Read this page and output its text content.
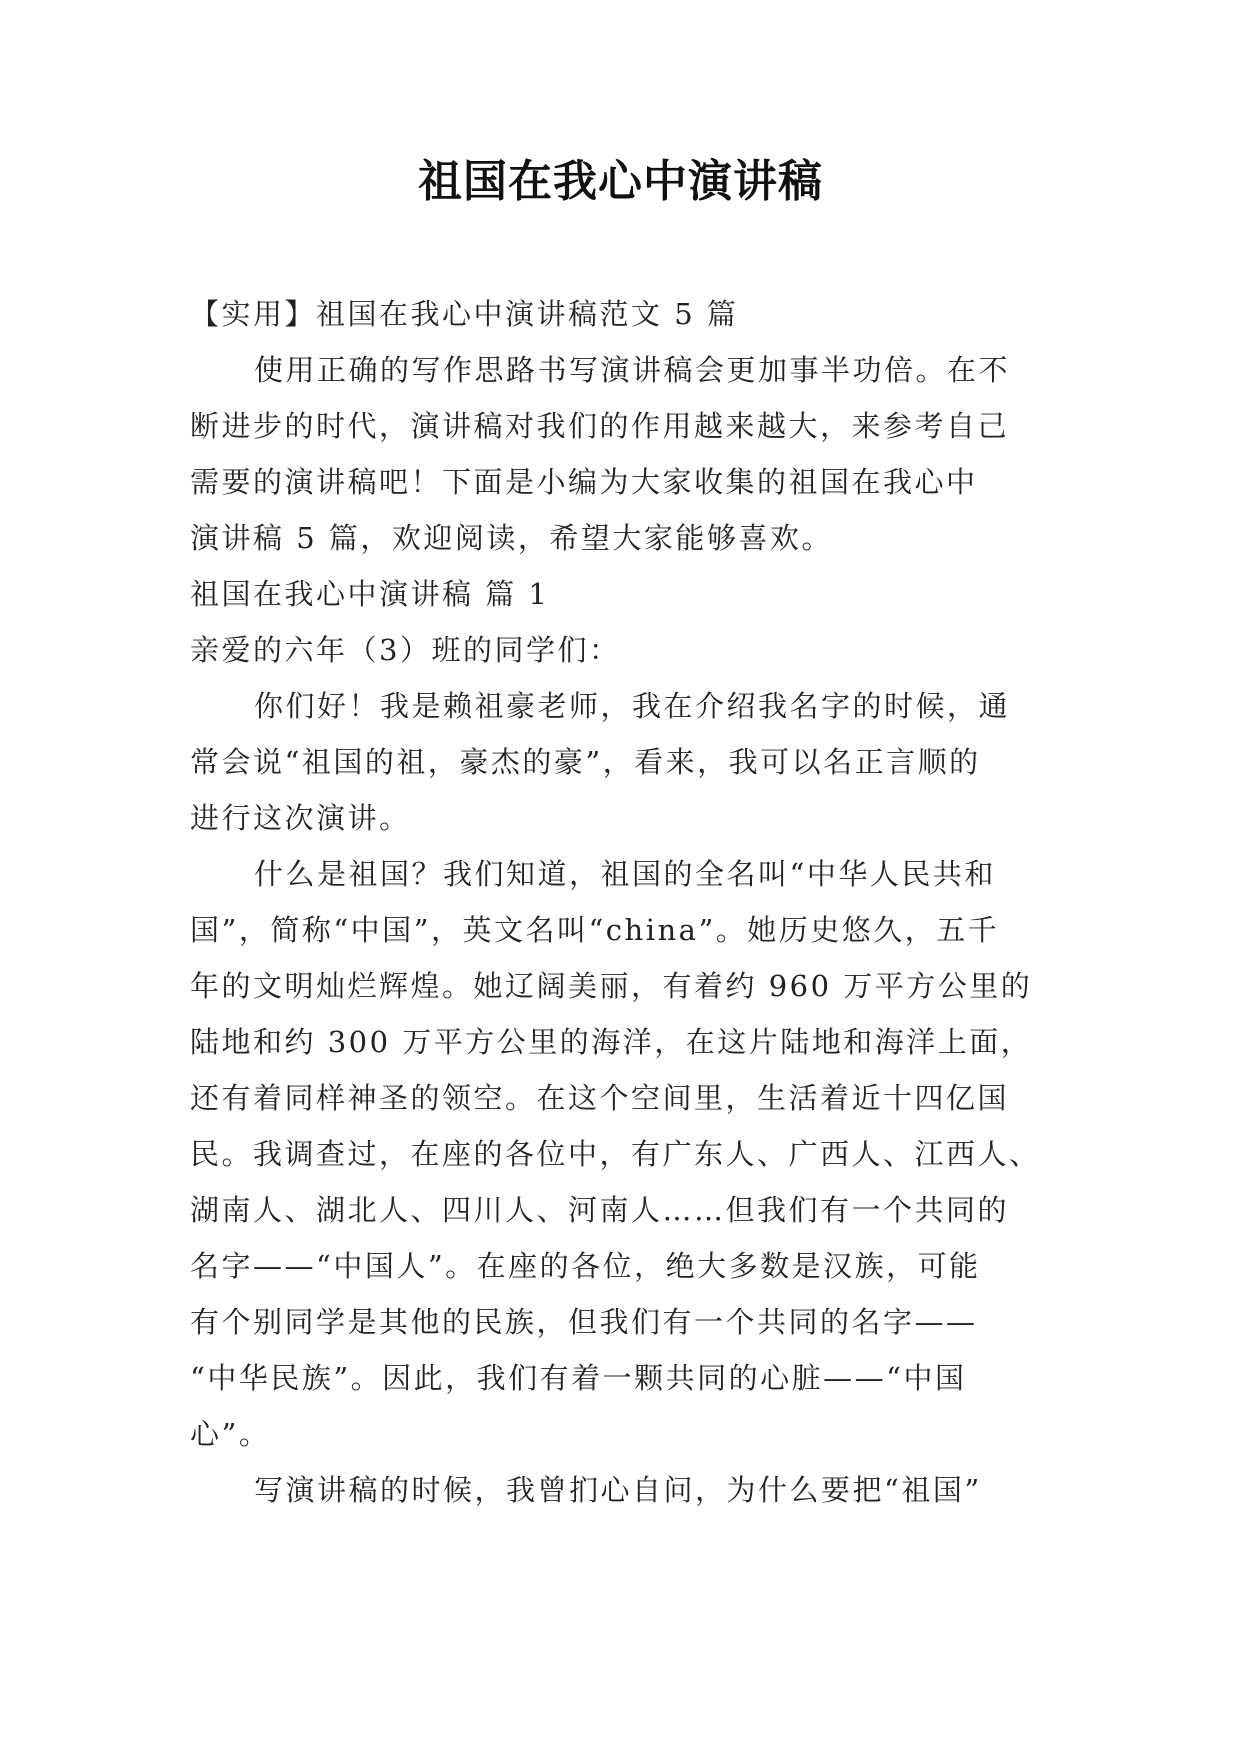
祖国在我心中演讲稿
【实用】祖国在我心中演讲稿范文 5 篇
使用正确的写作思路书写演讲稿会更加事半功倍。在不
断进步的时代，演讲稿对我们的作用越来越大，来参考自己
需要的演讲稿吧！下面是小编为大家收集的祖国在我心中
演讲稿 5 篇，欢迎阅读，希望大家能够喜欢。
祖国在我心中演讲稿 篇 1
亲爱的六年（3）班的同学们：
你们好！我是赖祖豪老师，我在介绍我名字的时候，通
常会说“祖国的祖，豪杰的豪”，看来，我可以名正言顺的
进行这次演讲。
什么是祖国？我们知道，祖国的全名叫“中华人民共和
国”，简称“中国”，英文名叫“china”。她历史悠久，五千
年的文明灿烂辉煌。她辽阔美丽，有着约 960 万平方公里的
陆地和约 300 万平方公里的海洋，在这片陆地和海洋上面，
还有着同样神圣的领空。在这个空间里，生活着近十四亿国
民。我调查过，在座的各位中，有广东人、广西人、江西人、
湖南人、湖北人、四川人、河南人……但我们有一个共同的
名字——“中国人”。在座的各位，绝大多数是汉族，可能
有个别同学是其他的民族，但我们有一个共同的名字——
“中华民族”。因此，我们有着一颗共同的心脏——“中国
心”。
写演讲稿的时候，我曾扪心自问，为什么要把“祖国”
